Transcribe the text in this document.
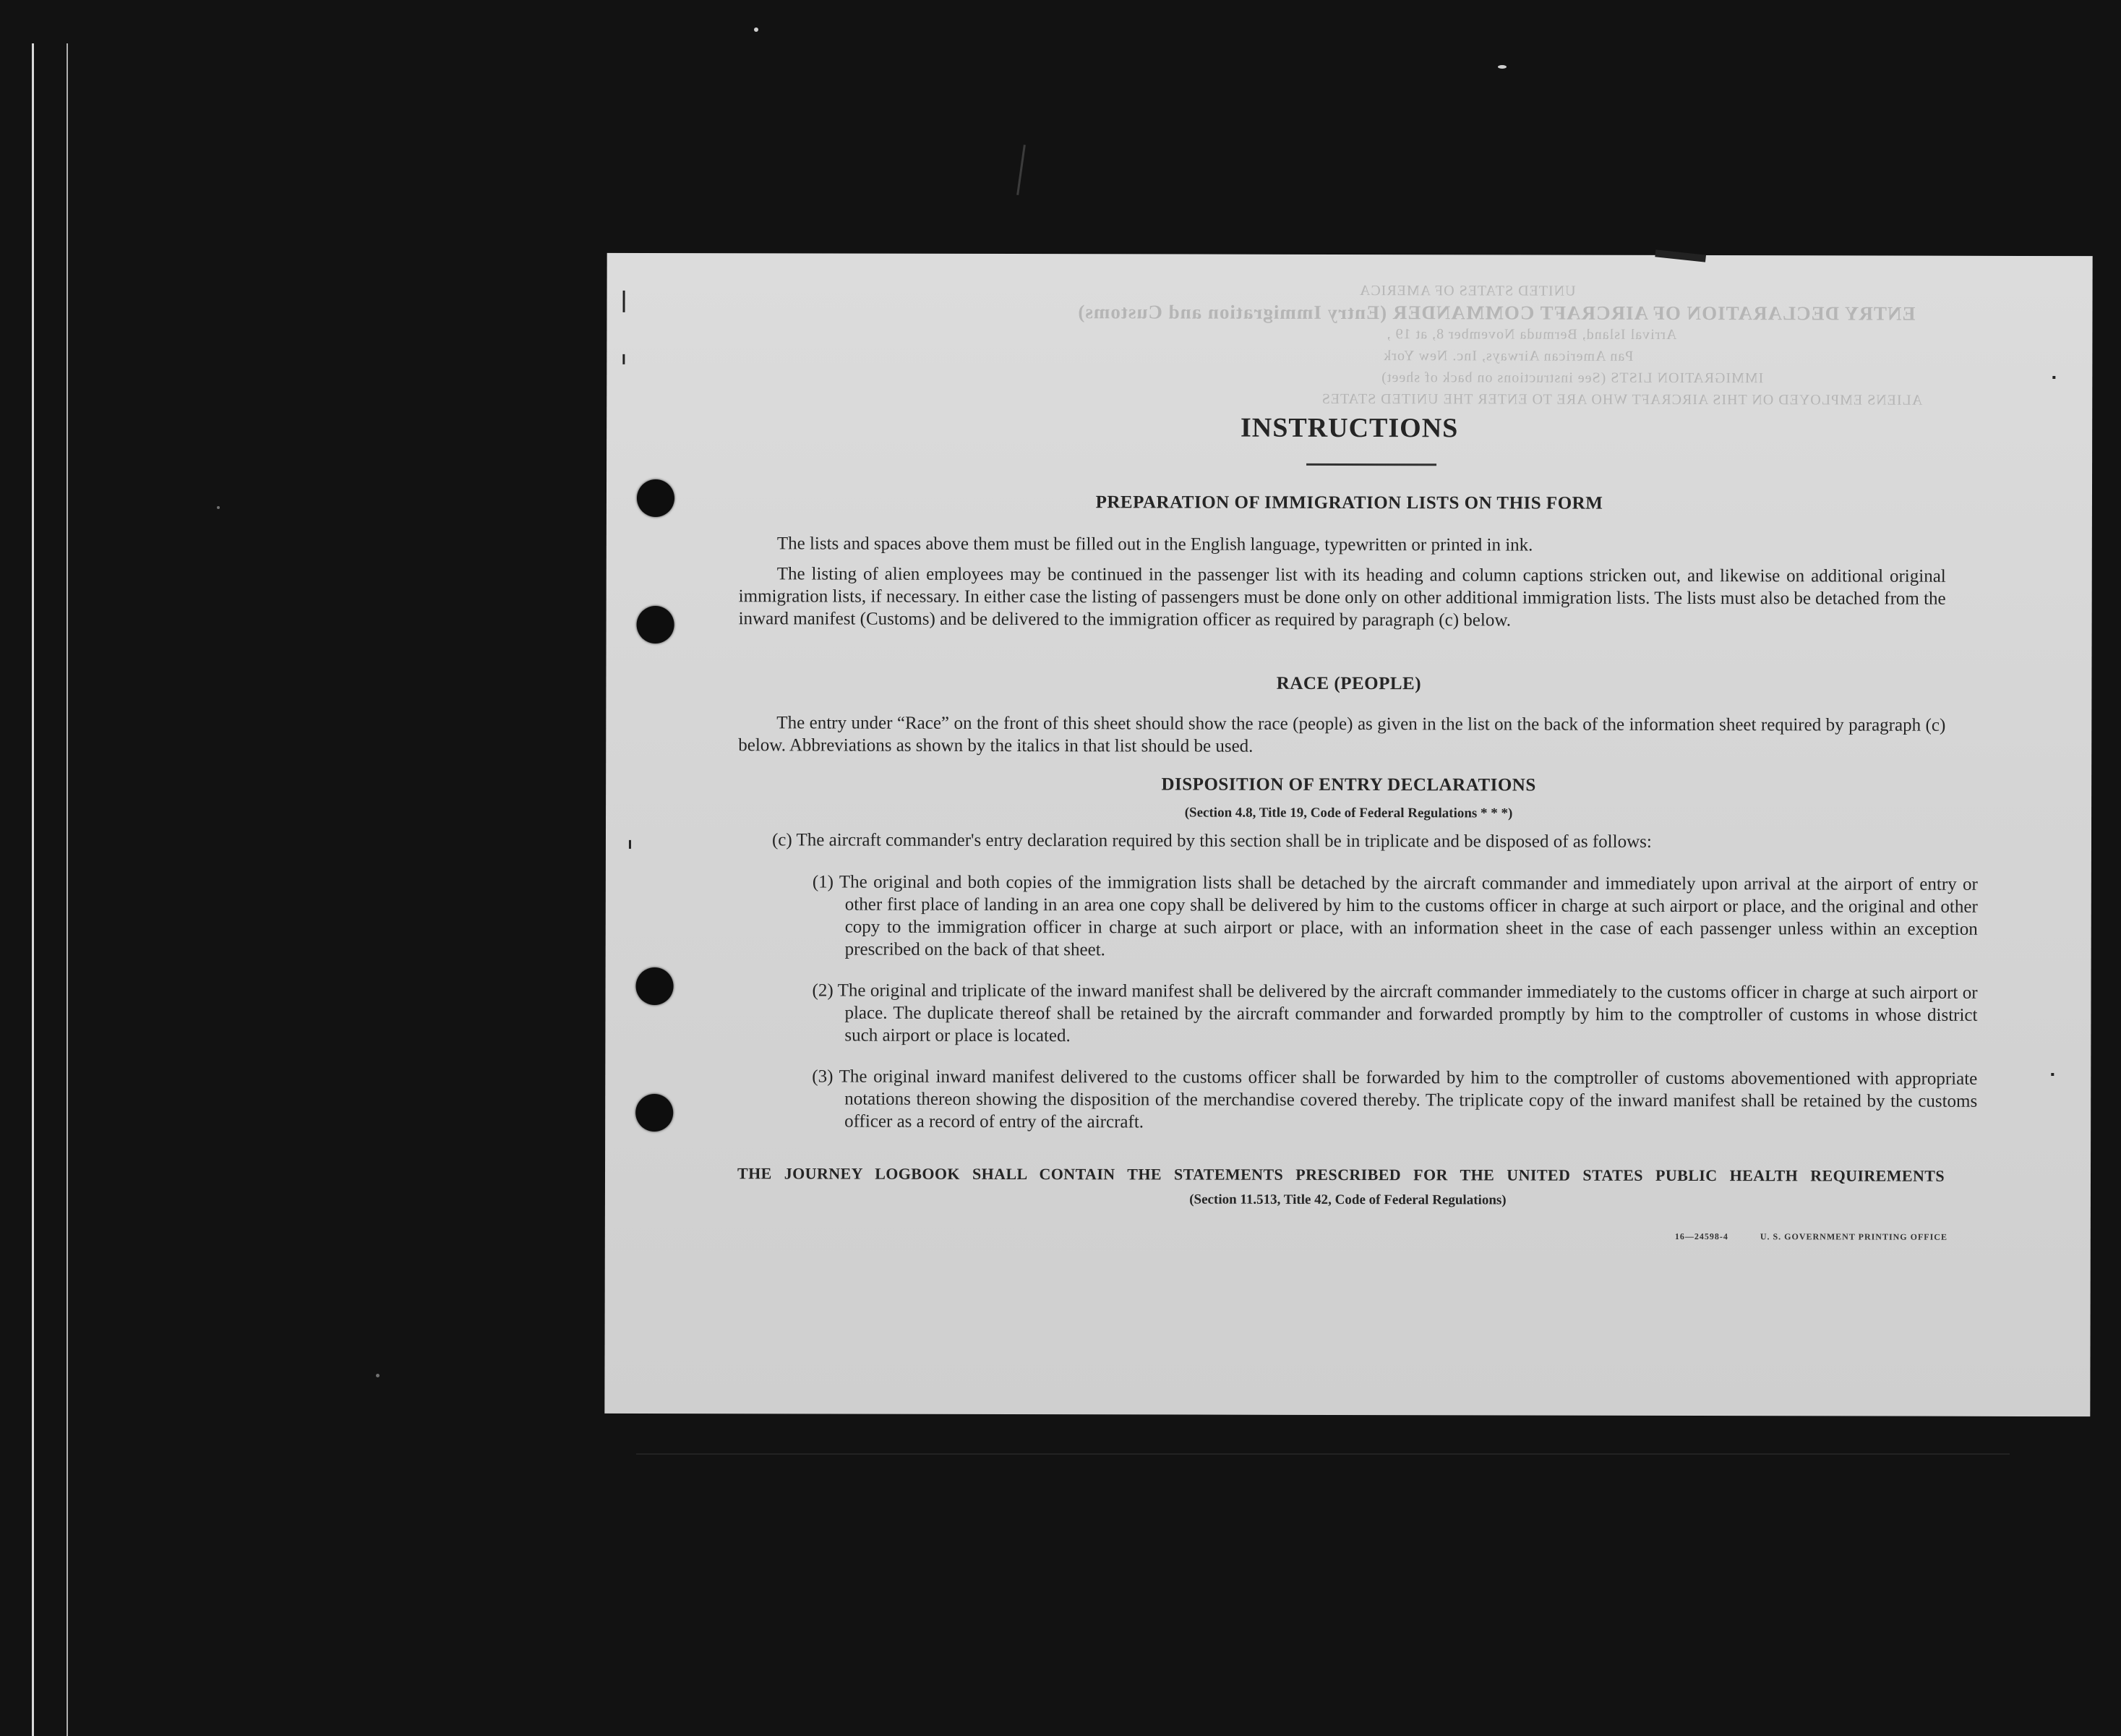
UNITED STATES OF AMERICA
ENTRY DECLARATION OF AIRCRAFT COMMANDER (Entry Immigration and Customs)
Arrival Island, Bermuda November 8, at 19 ,
Pan American Airways, Inc. New York
IMMIGRATION LISTS (See instructions on back of sheet)
ALIENS EMPLOYED ON THIS AIRCRAFT WHO ARE TO ENTER THE UNITED STATES
INSTRUCTIONS
PREPARATION OF IMMIGRATION LISTS ON THIS FORM
The lists and spaces above them must be filled out in the English language, typewritten or printed in ink.
The listing of alien employees may be continued in the passenger list with its heading and column captions stricken out, and likewise on additional original immigration lists, if necessary. In either case the listing of passengers must be done only on other additional immigration lists. The lists must also be detached from the inward manifest (Customs) and be delivered to the immigration officer as required by paragraph (c) below.
RACE (PEOPLE)
The entry under “Race” on the front of this sheet should show the race (people) as given in the list on the back of the information sheet required by paragraph (c) below. Abbreviations as shown by the italics in that list should be used.
DISPOSITION OF ENTRY DECLARATIONS
(Section 4.8, Title 19, Code of Federal Regulations * * *)
(c) The aircraft commander's entry declaration required by this section shall be in triplicate and be disposed of as follows:
(1) The original and both copies of the immigration lists shall be detached by the aircraft commander and immediately upon arrival at the airport of entry or other first place of landing in an area one copy shall be delivered by him to the customs officer in charge at such airport or place, and the original and other copy to the immigration officer in charge at such airport or place, with an information sheet in the case of each passenger unless within an exception prescribed on the back of that sheet.
(2) The original and triplicate of the inward manifest shall be delivered by the aircraft commander immediately to the customs officer in charge at such airport or place. The duplicate thereof shall be retained by the aircraft commander and forwarded promptly by him to the comptroller of customs in whose district such airport or place is located.
(3) The original inward manifest delivered to the customs officer shall be forwarded by him to the comptroller of customs abovementioned with appropriate notations thereon showing the disposition of the merchandise covered thereby. The triplicate copy of the inward manifest shall be retained by the customs officer as a record of entry of the aircraft.
THE JOURNEY LOGBOOK SHALL CONTAIN THE STATEMENTS PRESCRIBED FOR THE UNITED STATES PUBLIC HEALTH REQUIREMENTS
(Section 11.513, Title 42, Code of Federal Regulations)
16—24598-4	U. S. GOVERNMENT PRINTING OFFICE
